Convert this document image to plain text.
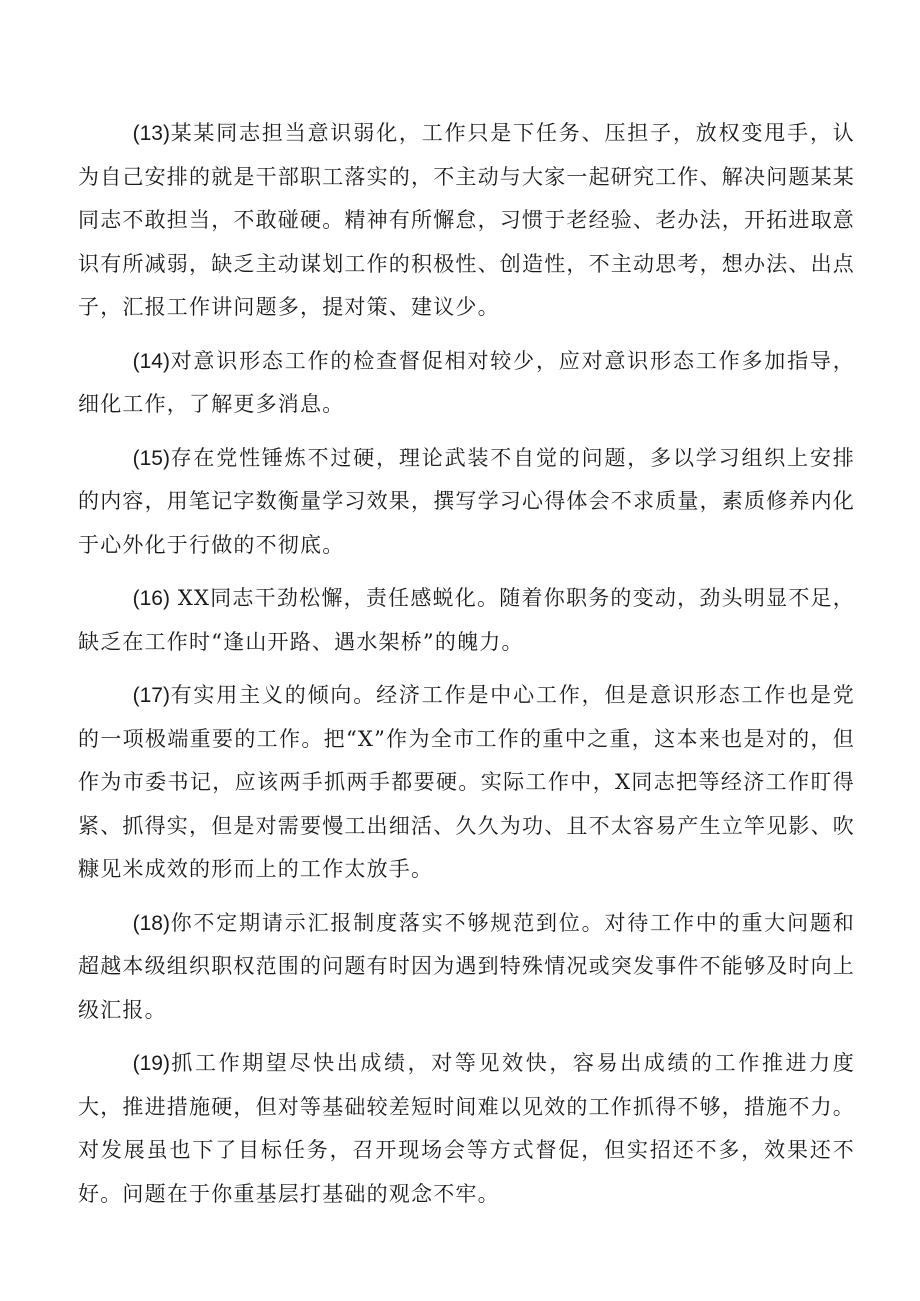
(13)某某同志担当意识弱化，工作只是下任务、压担子，放权变甩手，认为自己安排的就是干部职工落实的，不主动与大家一起研究工作、解决问题某某同志不敢担当，不敢碰硬。精神有所懈怠，习惯于老经验、老办法，开拓进取意识有所减弱，缺乏主动谋划工作的积极性、创造性，不主动思考，想办法、出点子，汇报工作讲问题多，提对策、建议少。

(14)对意识形态工作的检查督促相对较少，应对意识形态工作多加指导，细化工作，了解更多消息。

(15)存在党性锤炼不过硬，理论武装不自觉的问题，多以学习组织上安排的内容，用笔记字数衡量学习效果，撰写学习心得体会不求质量，素质修养内化于心外化于行做的不彻底。

(16) XX同志干劲松懈，责任感蜕化。随着你职务的变动，劲头明显不足，缺乏在工作时“逢山开路、遇水架桥”的魄力。

(17)有实用主义的倾向。经济工作是中心工作，但是意识形态工作也是党的一项极端重要的工作。把“X”作为全市工作的重中之重，这本来也是对的，但作为市委书记，应该两手抓两手都要硬。实际工作中，X同志把等经济工作盯得紧、抓得实，但是对需要慢工出细活、久久为功、且不太容易产生立竿见影、吹糠见米成效的形而上的工作太放手。

(18)你不定期请示汇报制度落实不够规范到位。对待工作中的重大问题和超越本级组织职权范围的问题有时因为遇到特殊情况或突发事件不能够及时向上级汇报。

(19)抓工作期望尽快出成绩，对等见效快，容易出成绩的工作推进力度大，推进措施硬，但对等基础较差短时间难以见效的工作抓得不够，措施不力。对发展虽也下了目标任务，召开现场会等方式督促，但实招还不多，效果还不好。问题在于你重基层打基础的观念不牢。
